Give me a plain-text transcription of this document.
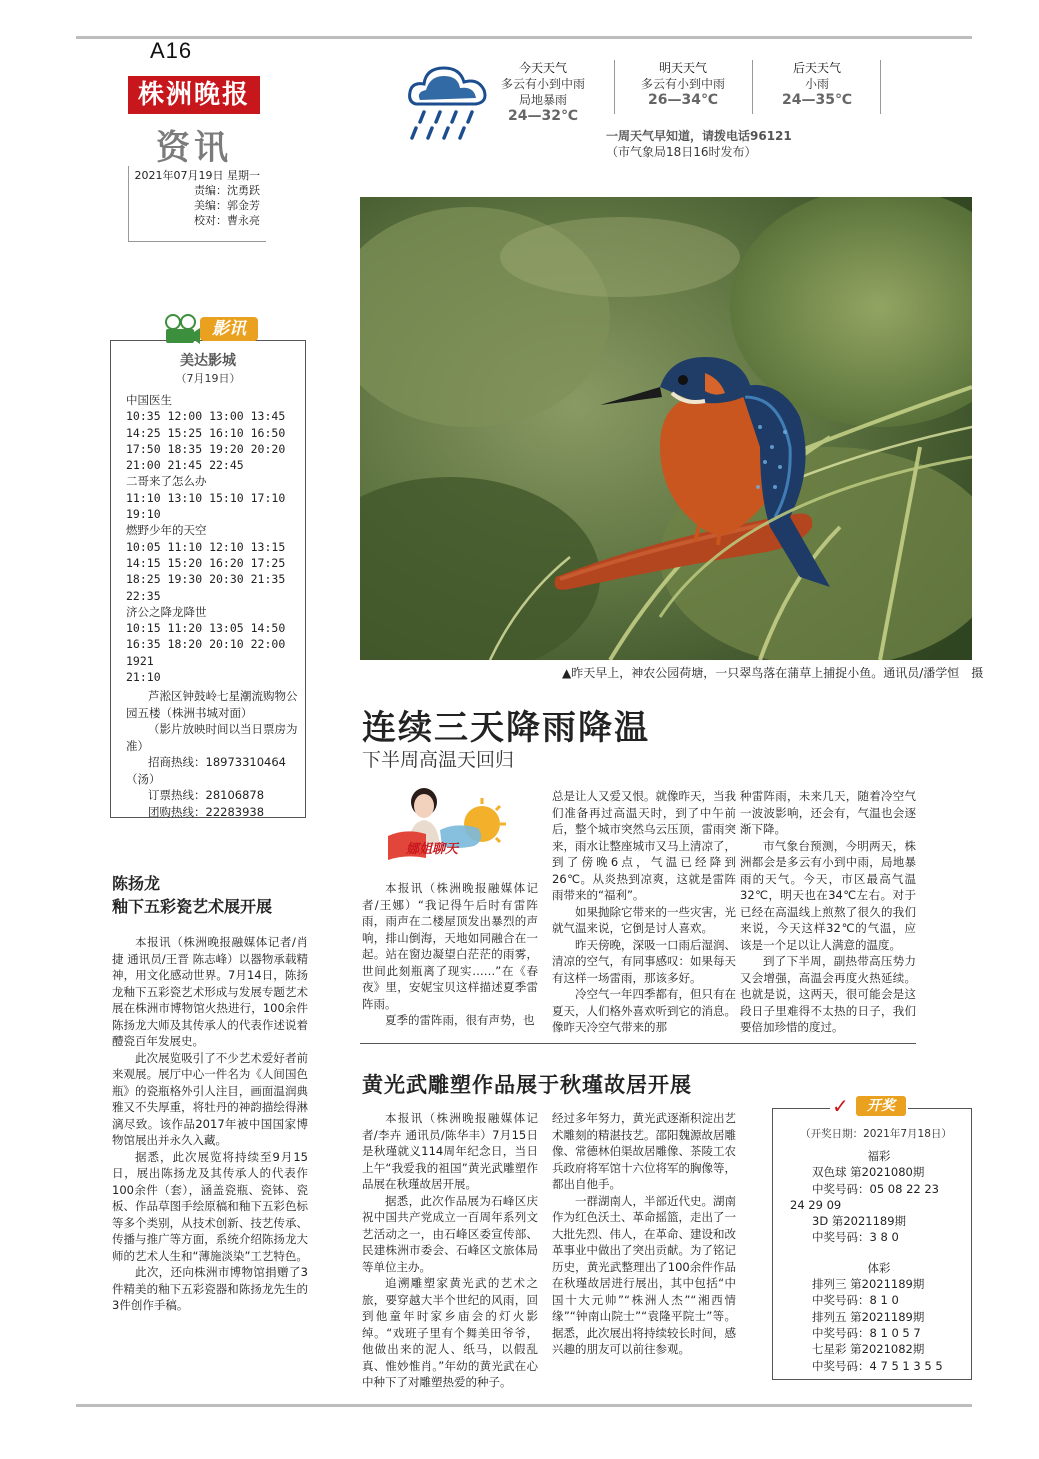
A16
株洲晚报
资讯
2021年07月19日 星期一
责编：沈勇跃
美编：郭金芳
校对：曹永亮
今天天气
多云有小到中雨
局地暴雨
24—32℃
明天天气
多云有小到中雨
26—34℃
后天天气
小雨
24—35℃
一周天气早知道，请拨电话96121
（市气象局18日16时发布）
▲昨天早上，神农公园荷塘，一只翠鸟落在蒲草上捕捉小鱼。通讯员/潘学恒　摄
影讯
美达影城
（7月19日）
中国医生
10:35 12:00 13:00 13:45
14:25 15:25 16:10 16:50
17:50 18:35 19:20 20:20
21:00 21:45 22:45
二哥来了怎么办
11:10 13:10 15:10 17:10
19:10
燃野少年的天空
10:05 11:10 12:10 13:15
14:15 15:20 16:20 17:25
18:25 19:30 20:30 21:35
22:35
济公之降龙降世
10:15 11:20 13:05 14:50
16:35 18:20 20:10 22:00
1921
21:10
芦淞区钟鼓岭七星潮流购物公园五楼（株洲书城对面）
（影片放映时间以当日票房为准）
招商热线：18973310464（汤）
订票热线：28106878
团购热线：22283938
连续三天降雨降温
下半周高温天回归
娜姐聊天

本报讯（株洲晚报融媒体记者/王娜）“我记得午后时有雷阵雨，雨声在二楼屋顶发出暴烈的声响，排山倒海，天地如同融合在一起。站在窗边凝望白茫茫的雨雾，世间此刻瓶离了现实……”在《春夜》里，安妮宝贝这样描述夏季雷阵雨。

夏季的雷阵雨，很有声势，也

总是让人又爱又恨。就像昨天，当我们准备再过高温天时，到了中午前后，整个城市突然乌云压顶，雷雨突来，雨水让整座城市又马上清凉了，到了傍晚6点，气温已经降到26℃。从炎热到凉爽，这就是雷阵雨带来的“福利”。

如果抛除它带来的一些灾害，光就气温来说，它倒是讨人喜欢。

昨天傍晚，深吸一口雨后湿润、清凉的空气，有同事感叹：如果每天有这样一场雷雨，那该多好。

冷空气一年四季都有，但只有在夏天，人们格外喜欢听到它的消息。像昨天冷空气带来的那

种雷阵雨，未来几天，随着冷空气一波波影响，还会有，气温也会逐渐下降。

市气象台预测，今明两天，株洲都会是多云有小到中雨，局地暴雨的天气。今天，市区最高气温32℃，明天也在34℃左右。对于已经在高温线上煎熬了很久的我们来说，今天这样32℃的气温，应该是一个足以让人满意的温度。

到了下半周，副热带高压势力又会增强，高温会再度火热延续。也就是说，这两天，很可能会是这段日子里难得不太热的日子，我们要倍加珍惜的度过。

陈扬龙
釉下五彩瓷艺术展开展

本报讯（株洲晚报融媒体记者/肖捷 通讯员/王晋 陈志峰）以器物承载精神，用文化感动世界。7月14日，陈扬龙釉下五彩瓷艺术形成与发展专题艺术展在株洲市博物馆火热进行，100余件陈扬龙大师及其传承人的代表作述说着醴瓷百年发展史。

此次展览吸引了不少艺术爱好者前来观展。展厅中心一件名为《人间国色瓶》的瓷瓶格外引人注目，画面温润典雅又不失厚重，将牡丹的神韵描绘得淋漓尽致。该作品2017年被中国国家博物馆展出并永久入藏。

据悉，此次展览将持续至9月15日，展出陈扬龙及其传承人的代表作100余件（套），涵盖瓷瓶、瓷钵、瓷板、作品草图手绘原稿和釉下五彩色标等多个类别，从技术创新、技艺传承、传播与推广等方面，系统介绍陈扬龙大师的艺术人生和“薄施淡染”工艺特色。

此次，还向株洲市博物馆捐赠了3件精美的釉下五彩瓷器和陈扬龙先生的3件创作手稿。

黄光武雕塑作品展于秋瑾故居开展

本报讯（株洲晚报融媒体记者/李卉 通讯员/陈华丰）7月15日是秋瑾就义114周年纪念日，当日上午“我爱我的祖国”黄光武雕塑作品展在秋瑾故居开展。

据悉，此次作品展为石峰区庆祝中国共产党成立一百周年系列文艺活动之一，由石峰区委宣传部、民建株洲市委会、石峰区文旅体局等单位主办。

追溯雕塑家黄光武的艺术之旅，要穿越大半个世纪的风雨，回到他童年时家乡庙会的灯火影绰。“戏班子里有个舞美田爷爷，他做出来的泥人、纸马，以假乱真、惟妙惟肖。”年幼的黄光武在心中种下了对雕塑热爱的种子。

经过多年努力，黄光武逐渐积淀出艺术雕刻的精湛技艺。邵阳魏源故居雕像、常德林伯渠故居雕像、茶陵工农兵政府将军馆十六位将军的胸像等，都出自他手。

一群湖南人，半部近代史。湖南作为红色沃土、革命摇篮，走出了一大批先烈、伟人，在革命、建设和改革事业中做出了突出贡献。为了铭记历史，黄光武整理出了100余件作品在秋瑾故居进行展出，其中包括“中国十大元帅”“株洲人杰”“湘西情缘”“钟南山院士”“袁隆平院士”等。据悉，此次展出将持续较长时间，感兴趣的朋友可以前往参观。

✓	开奖
（开奖日期：2021年7月18日）
福彩
双色球 第2021080期
中奖号码：05 08 22 23
24 29 09
3D 第2021189期
中奖号码：3 8 0
体彩
排列三 第2021189期
中奖号码：8 1 0
排列五 第2021189期
中奖号码：8 1 0 5 7
七星彩 第2021082期
中奖号码：4 7 5 1 3 5 5
